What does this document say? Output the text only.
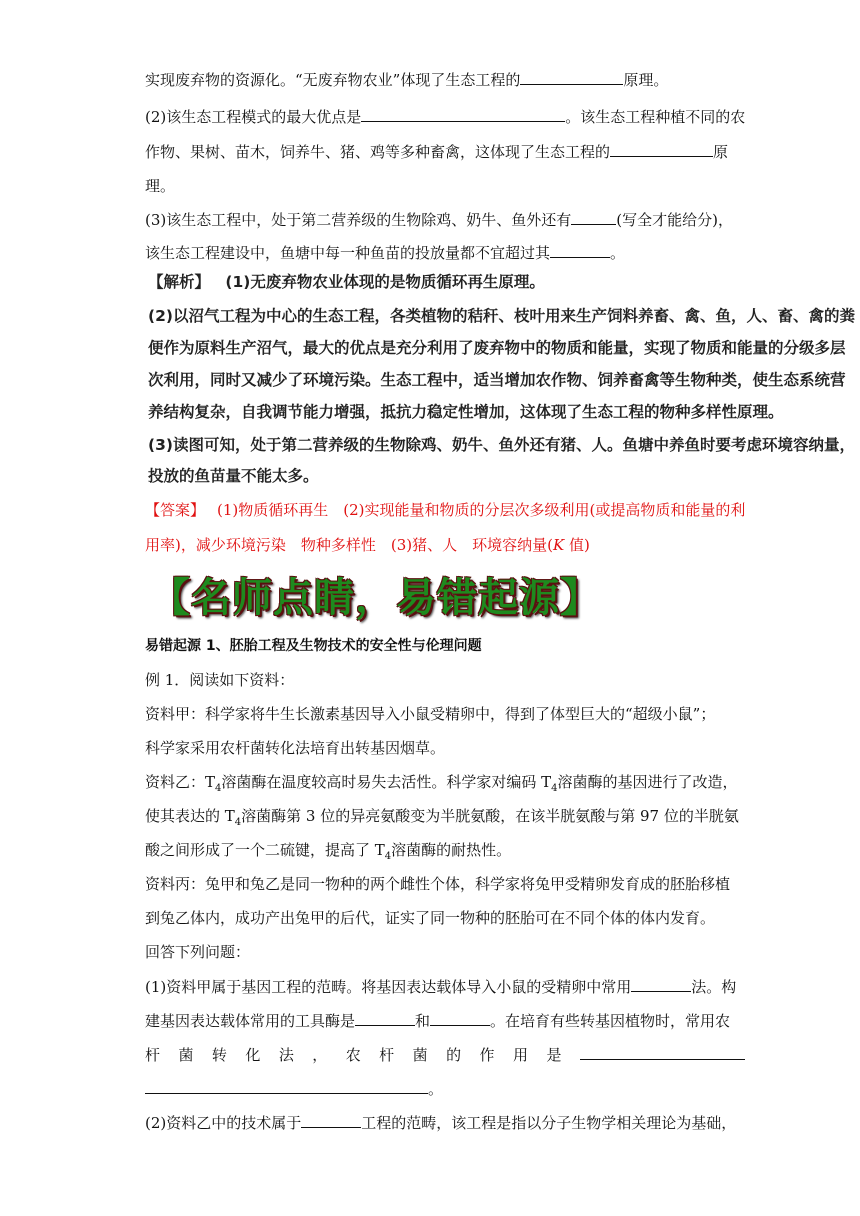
实现废弃物的资源化。“无废弃物农业”体现了生态工程的	原理。
(2)该生态工程模式的最大优点是	。该生态工程种植不同的农
作物、果树、苗木，饲养牛、猪、鸡等多种畜禽，这体现了生态工程的	原
理。
(3)该生态工程中，处于第二营养级的生物除鸡、奶牛、鱼外还有	(写全才能给分)，
该生态工程建设中，鱼塘中每一种鱼苗的投放量都不宜超过其	。
【解析】 (1)无废弃物农业体现的是物质循环再生原理。
(2)以沼气工程为中心的生态工程，各类植物的秸秆、枝叶用来生产饲料养畜、禽、鱼，人、畜、禽的粪
便作为原料生产沼气，最大的优点是充分利用了废弃物中的物质和能量，实现了物质和能量的分级多层
次利用，同时又减少了环境污染。生态工程中，适当增加农作物、饲养畜禽等生物种类，使生态系统营
养结构复杂，自我调节能力增强，抵抗力稳定性增加，这体现了生态工程的物种多样性原理。
(3)读图可知，处于第二营养级的生物除鸡、奶牛、鱼外还有猪、人。鱼塘中养鱼时要考虑环境容纳量，
投放的鱼苗量不能太多。
【答案】 (1)物质循环再生　(2)实现能量和物质的分层次多级利用(或提高物质和能量的利
用率)，减少环境污染　物种多样性　(3)猪、人　环境容纳量(K 值)
【名师点睛，易错起源】
易错起源 1、胚胎工程及生物技术的安全性与伦理问题
例 1．阅读如下资料：
资料甲：科学家将牛生长激素基因导入小鼠受精卵中，得到了体型巨大的“超级小鼠”；
科学家采用农杆菌转化法培育出转基因烟草。
资料乙：$T_4$溶菌酶在温度较高时易失去活性。科学家对编码 $T_4$溶菌酶的基因进行了改造，
使其表达的 $T_4$溶菌酶第 3 位的异亮氨酸变为半胱氨酸，在该半胱氨酸与第 97 位的半胱氨
酸之间形成了一个二硫键，提高了 $T_4$溶菌酶的耐热性。
资料丙：兔甲和兔乙是同一物种的两个雌性个体，科学家将兔甲受精卵发育成的胚胎移植
到兔乙体内，成功产出兔甲的后代，证实了同一物种的胚胎可在不同个体的体内发育。
回答下列问题：
(1)资料甲属于基因工程的范畴。将基因表达载体导入小鼠的受精卵中常用	法。构
建基因表达载体常用的工具酶是	和	。在培育有些转基因植物时，常用农
杆 菌 转 化 法 ， 农 杆 菌 的 作 用 是
。
(2)资料乙中的技术属于	工程的范畴，该工程是指以分子生物学相关理论为基础，
